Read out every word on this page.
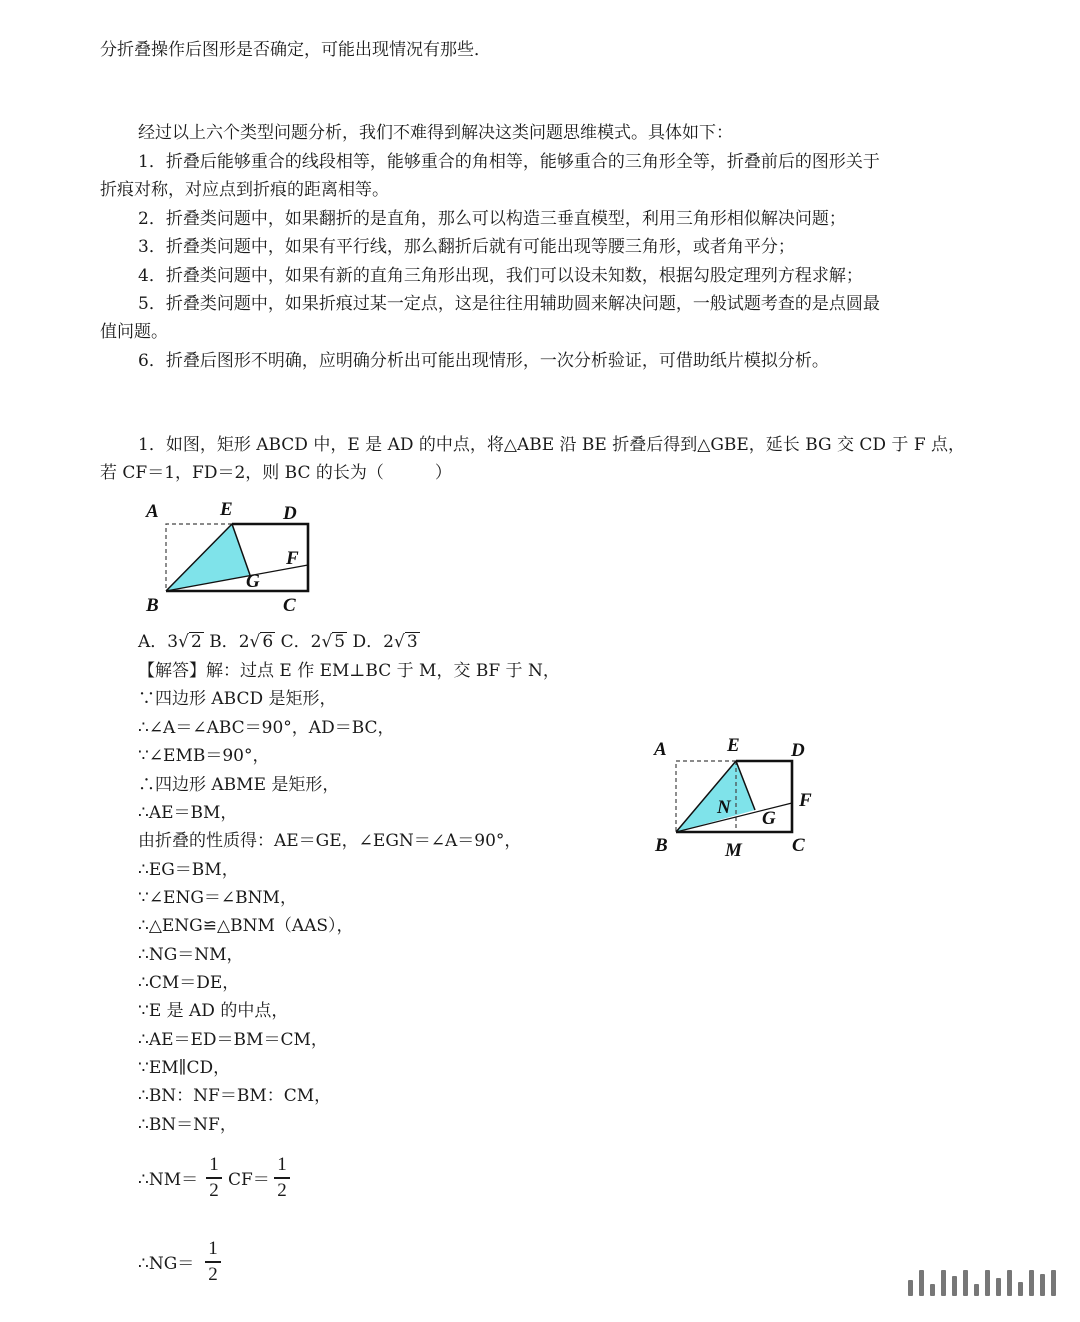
分折叠操作后图形是否确定，可能出现情况有那些．
经过以上六个类型问题分析，我们不难得到解决这类问题思维模式。具体如下：
1．折叠后能够重合的线段相等，能够重合的角相等，能够重合的三角形全等，折叠前后的图形关于
折痕对称，对应点到折痕的距离相等。
2．折叠类问题中，如果翻折的是直角，那么可以构造三垂直模型，利用三角形相似解决问题；
3．折叠类问题中，如果有平行线，那么翻折后就有可能出现等腰三角形，或者角平分；
4．折叠类问题中，如果有新的直角三角形出现，我们可以设未知数，根据勾股定理列方程求解；
5．折叠类问题中，如果折痕过某一定点，这是往往用辅助圆来解决问题，一般试题考查的是点圆最
值问题。
6．折叠后图形不明确，应明确分析出可能出现情形，一次分析验证，可借助纸片模拟分析。
1．如图，矩形 ABCD 中，E 是 AD 的中点，将△ABE 沿 BE 折叠后得到△GBE，延长 BG 交 CD 于 F 点，
若 CF＝1，FD＝2，则 BC 的长为（　　　）
A	E	D
F
G
B	C
A．3√ 2 B．2√ 6 C．2√ 5 D．2√ 3
【解答】解：过点 E 作 EM⊥BC 于 M，交 BF 于 N，
∵四边形 ABCD 是矩形，
∴∠A＝∠ABC＝90°，AD＝BC，
∵∠EMB＝90°，
∴四边形 ABME 是矩形，
∴AE＝BM，
由折叠的性质得：AE＝GE，∠EGN＝∠A＝90°，
∴EG＝BM，
∵∠ENG＝∠BNM，
∴△ENG≌△BNM（AAS），
∴NG＝NM，
∴CM＝DE，
∵E 是 AD 的中点，
∴AE＝ED＝BM＝CM，
∵EM∥CD，
∴BN：NF＝BM：CM，
∴BN＝NF，
A	E	D
F
N
G
B	M	C
∴NM＝
1
2 CF＝
1
2
∴NG＝
1
2
